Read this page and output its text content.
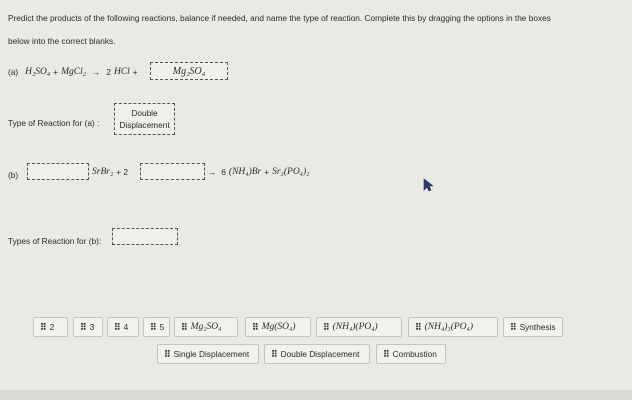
Predict the products of the following reactions, balance if needed, and name the type of reaction. Complete this by dragging the options in the boxes
below into the correct blanks.
(a) H₂SO₄ + MgCl₂ → 2 HCl +	Mg₂SO₄
Type of Reaction for (a) :
Double
Displacement
(b)	SrBr₂ + 2	→ 6 (NH₄)Br + Sr₃(PO₄)₂
Types of Reaction for (b):
⠿ 2	⠿ 3 ⠿ 4 ⠿ 5 ⠿ Mg₂SO₄	⠿ Mg(SO₄)	⠿ (NH₄)(PO₄)	⠿ (NH₄)₃(PO₄)	⠿ Synthesis
⠿ Single Displacement ⠿ Double Displacement	⠿ Combustion
